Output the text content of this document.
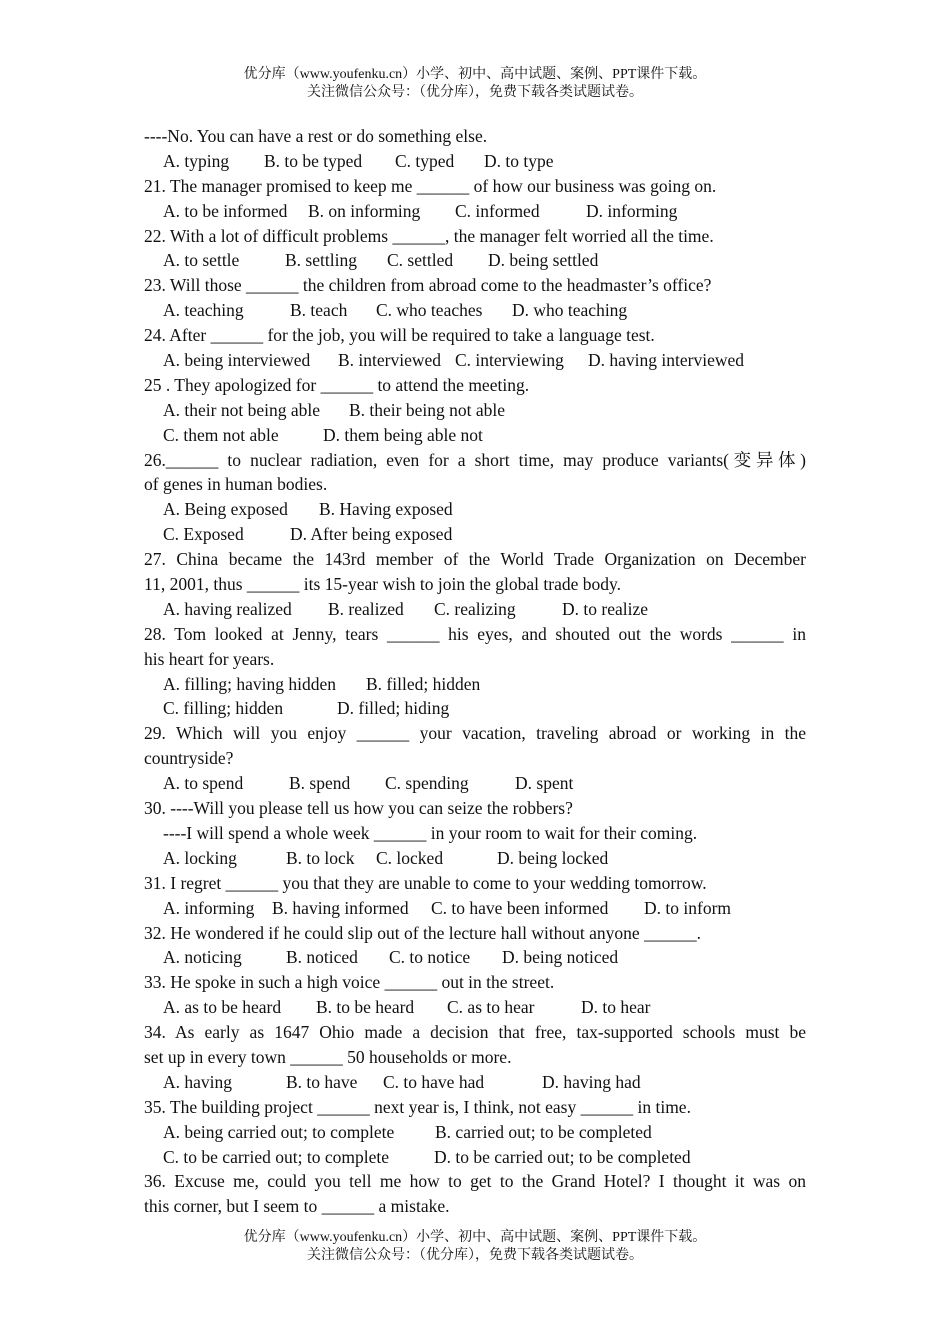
优分库（www.youfenku.cn）小学、初中、高中试题、案例、PPT课件下载。
关注微信公众号：（优分库），免费下载各类试题试卷。
----No. You can have a rest or do something else.
A. typing B. to be typed C. typed D. to type
21. The manager promised to keep me ______ of how our business was going on.
A. to be informed B. on informing C. informed	D. informing
22. With a lot of difficult problems ______, the manager felt worried all the time.
A. to settle	B. settling C. settled D. being settled
23. Will those ______ the children from abroad come to the headmaster’s office?
A. teaching	B. teach C. who teaches D. who teaching
24. After ______ for the job, you will be required to take a language test.
A. being interviewed B. interviewed C. interviewing D. having interviewed
25 . They apologized for ______ to attend the meeting.
A. their not being able B. their being not able
C. them not able	D. them being able not
26.______ to nuclear radiation, even for a short time, may produce variants(变异体)
of genes in human bodies.
A. Being exposed B. Having exposed
C. Exposed	D. After being exposed
27. China became the 143rd member of the World Trade Organization on December
11, 2001, thus ______ its 15-year wish to join the global trade body.
A. having realized B. realized C. realizing	D. to realize
28. Tom looked at Jenny, tears ______ his eyes, and shouted out the words ______ in
his heart for years.
A. filling; having hidden B. filled; hidden
C. filling; hidden	D. filled; hiding
29. Which will you enjoy ______ your vacation, traveling abroad or working in the
countryside?
A. to spend	B. spend C. spending	D. spent
30. ----Will you please tell us how you can seize the robbers?
----I will spend a whole week ______ in your room to wait for their coming.
A. locking	B. to lock C. locked	D. being locked
31. I regret ______ you that they are unable to come to your wedding tomorrow.
A. informing B. having informed C. to have been informed D. to inform
32. He wondered if he could slip out of the lecture hall without anyone ______.
A. noticing	B. noticed C. to notice D. being noticed
33. He spoke in such a high voice ______ out in the street.
A. as to be heard B. to be heard C. as to hear	D. to hear
34. As early as 1647 Ohio made a decision that free, tax-supported schools must be
set up in every town ______ 50 households or more.
A. having	B. to have C. to have had	D. having had
35. The building project ______ next year is, I think, not easy ______ in time.
A. being carried out; to complete B. carried out; to be completed
C. to be carried out; to complete	D. to be carried out; to be completed
36. Excuse me, could you tell me how to get to the Grand Hotel? I thought it was on
this corner, but I seem to ______ a mistake.
优分库（www.youfenku.cn）小学、初中、高中试题、案例、PPT课件下载。
关注微信公众号：（优分库），免费下载各类试题试卷。
